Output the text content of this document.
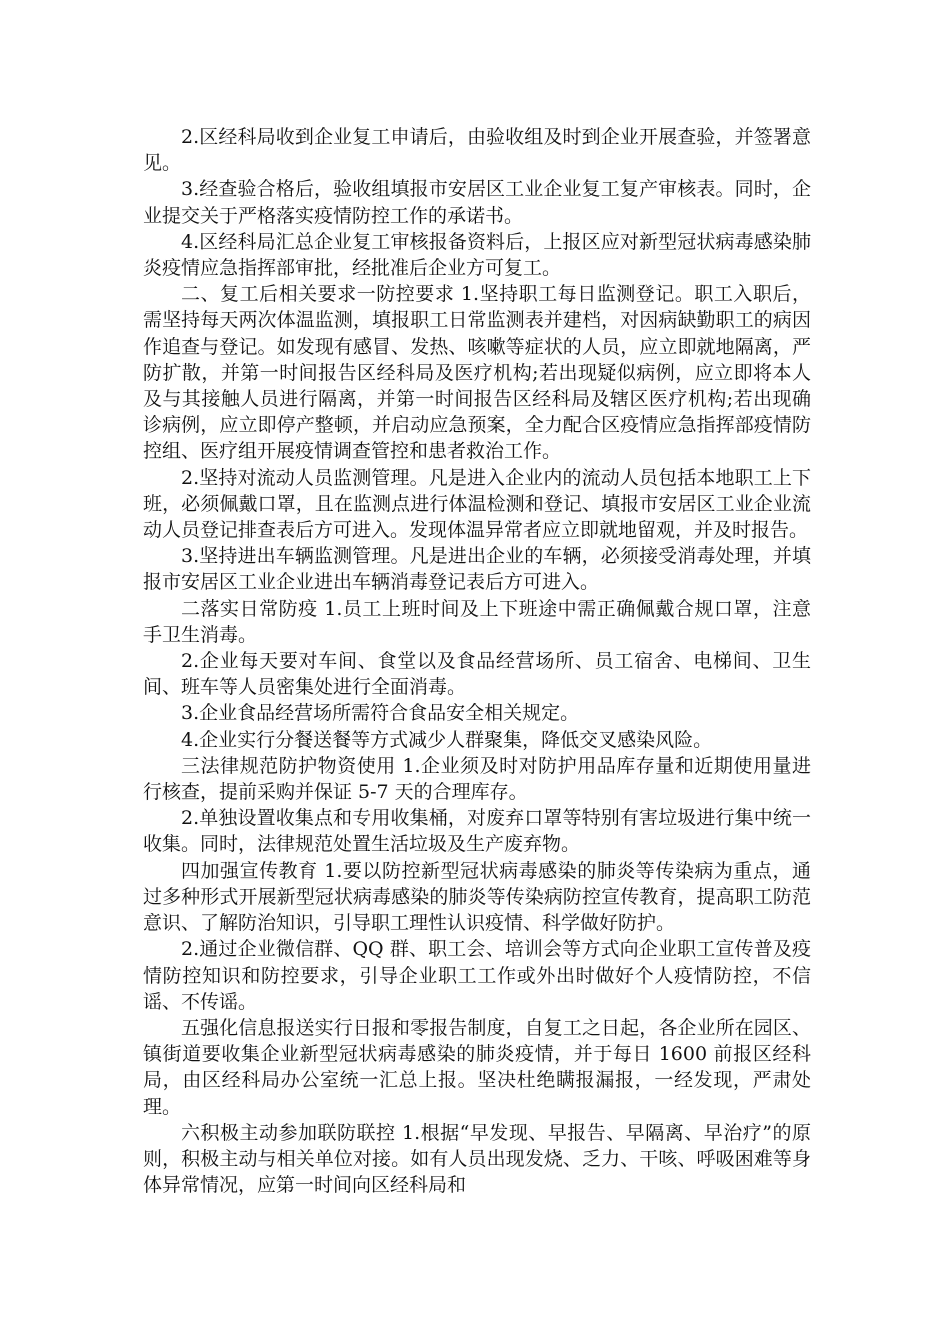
2.区经科局收到企业复工申请后，由验收组及时到企业开展查验，并签署意见。

3.经查验合格后，验收组填报市安居区工业企业复工复产审核表。同时，企业提交关于严格落实疫情防控工作的承诺书。

4.区经科局汇总企业复工审核报备资料后，上报区应对新型冠状病毒感染肺炎疫情应急指挥部审批，经批准后企业方可复工。

二、复工后相关要求一防控要求 1.坚持职工每日监测登记。职工入职后，需坚持每天两次体温监测，填报职工日常监测表并建档，对因病缺勤职工的病因作追查与登记。如发现有感冒、发热、咳嗽等症状的人员，应立即就地隔离，严防扩散，并第一时间报告区经科局及医疗机构;若出现疑似病例，应立即将本人及与其接触人员进行隔离，并第一时间报告区经科局及辖区医疗机构;若出现确诊病例，应立即停产整顿，并启动应急预案，全力配合区疫情应急指挥部疫情防控组、医疗组开展疫情调查管控和患者救治工作。

2.坚持对流动人员监测管理。凡是进入企业内的流动人员包括本地职工上下班，必须佩戴口罩，且在监测点进行体温检测和登记、填报市安居区工业企业流动人员登记排查表后方可进入。发现体温异常者应立即就地留观，并及时报告。

3.坚持进出车辆监测管理。凡是进出企业的车辆，必须接受消毒处理，并填报市安居区工业企业进出车辆消毒登记表后方可进入。

二落实日常防疫 1.员工上班时间及上下班途中需正确佩戴合规口罩，注意手卫生消毒。

2.企业每天要对车间、食堂以及食品经营场所、员工宿舍、电梯间、卫生间、班车等人员密集处进行全面消毒。

3.企业食品经营场所需符合食品安全相关规定。

4.企业实行分餐送餐等方式减少人群聚集，降低交叉感染风险。

三法律规范防护物资使用 1.企业须及时对防护用品库存量和近期使用量进行核查，提前采购并保证 5-7 天的合理库存。

2.单独设置收集点和专用收集桶，对废弃口罩等特别有害垃圾进行集中统一收集。同时，法律规范处置生活垃圾及生产废弃物。

四加强宣传教育 1.要以防控新型冠状病毒感染的肺炎等传染病为重点，通过多种形式开展新型冠状病毒感染的肺炎等传染病防控宣传教育，提高职工防范意识、了解防治知识，引导职工理性认识疫情、科学做好防护。

2.通过企业微信群、QQ 群、职工会、培训会等方式向企业职工宣传普及疫情防控知识和防控要求，引导企业职工工作或外出时做好个人疫情防控，不信谣、不传谣。

五强化信息报送实行日报和零报告制度，自复工之日起，各企业所在园区、镇街道要收集企业新型冠状病毒感染的肺炎疫情，并于每日 1600 前报区经科局，由区经科局办公室统一汇总上报。坚决杜绝瞒报漏报，一经发现，严肃处理。

六积极主动参加联防联控 1.根据“早发现、早报告、早隔离、早治疗”的原则，积极主动与相关单位对接。如有人员出现发烧、乏力、干咳、呼吸困难等身体异常情况，应第一时间向区经科局和
